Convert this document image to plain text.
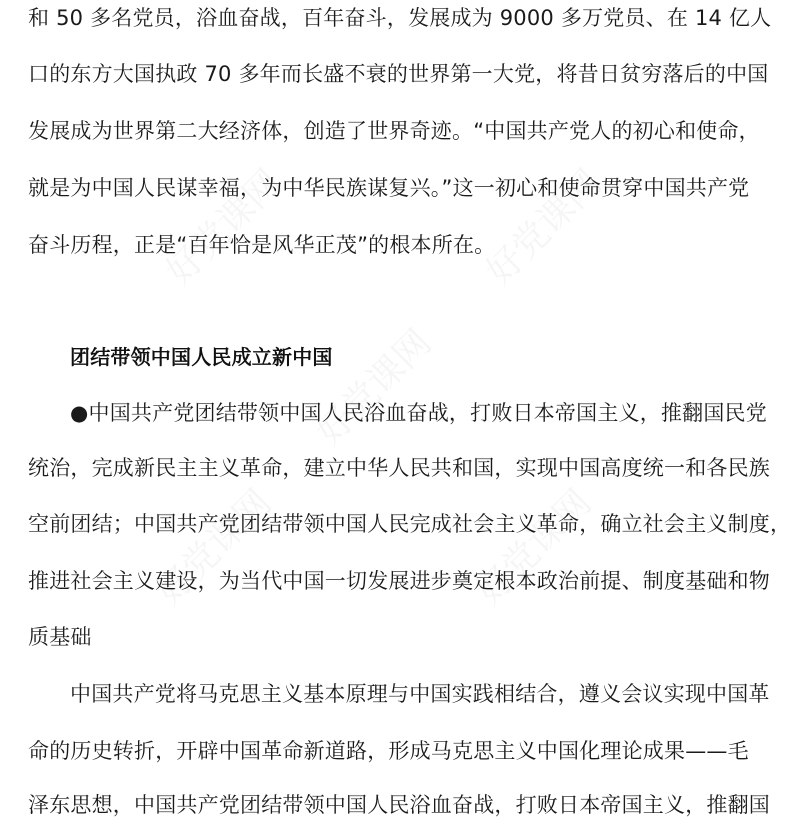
好党课网	好党课网
好党课网
好党课网	好党课网
和 50 多名党员，浴血奋战，百年奋斗，发展成为 9000 多万党员、在 14 亿人
口的东方大国执政 70 多年而长盛不衰的世界第一大党，将昔日贫穷落后的中国
发展成为世界第二大经济体，创造了世界奇迹。“中国共产党人的初心和使命，
就是为中国人民谋幸福，为中华民族谋复兴。”这一初心和使命贯穿中国共产党
奋斗历程，正是“百年恰是风华正茂”的根本所在。
团结带领中国人民成立新中国
●中国共产党团结带领中国人民浴血奋战，打败日本帝国主义，推翻国民党
统治，完成新民主主义革命，建立中华人民共和国，实现中国高度统一和各民族
空前团结；中国共产党团结带领中国人民完成社会主义革命，确立社会主义制度，
推进社会主义建设，为当代中国一切发展进步奠定根本政治前提、制度基础和物
质基础
中国共产党将马克思主义基本原理与中国实践相结合，遵义会议实现中国革
命的历史转折，开辟中国革命新道路，形成马克思主义中国化理论成果——毛
泽东思想，中国共产党团结带领中国人民浴血奋战，打败日本帝国主义，推翻国
